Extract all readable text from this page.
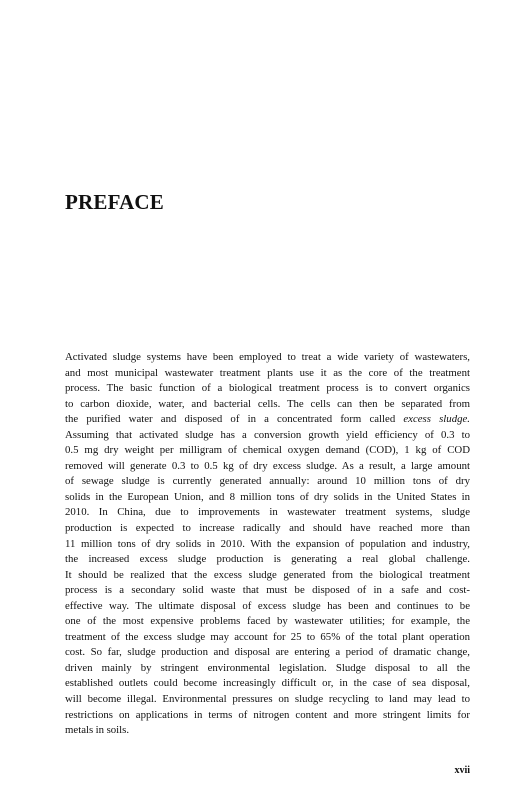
PREFACE
Activated sludge systems have been employed to treat a wide variety of wastewaters,
and most municipal wastewater treatment plants use it as the core of the treatment
process. The basic function of a biological treatment process is to convert organics
to carbon dioxide, water, and bacterial cells. The cells can then be separated from
the purified water and disposed of in a concentrated form called excess sludge.
Assuming that activated sludge has a conversion growth yield efficiency of 0.3 to
0.5 mg dry weight per milligram of chemical oxygen demand (COD), 1 kg of COD
removed will generate 0.3 to 0.5 kg of dry excess sludge. As a result, a large amount
of sewage sludge is currently generated annually: around 10 million tons of dry
solids in the European Union, and 8 million tons of dry solids in the United States in
2010. In China, due to improvements in wastewater treatment systems, sludge
production is expected to increase radically and should have reached more than
11 million tons of dry solids in 2010. With the expansion of population and industry,
the increased excess sludge production is generating a real global challenge.
It should be realized that the excess sludge generated from the biological treatment
process is a secondary solid waste that must be disposed of in a safe and cost-
effective way. The ultimate disposal of excess sludge has been and continues to be
one of the most expensive problems faced by wastewater utilities; for example, the
treatment of the excess sludge may account for 25 to 65% of the total plant operation
cost. So far, sludge production and disposal are entering a period of dramatic change,
driven mainly by stringent environmental legislation. Sludge disposal to all the
established outlets could become increasingly difficult or, in the case of sea disposal,
will become illegal. Environmental pressures on sludge recycling to land may lead to
restrictions on applications in terms of nitrogen content and more stringent limits for
metals in soils.
xvii
